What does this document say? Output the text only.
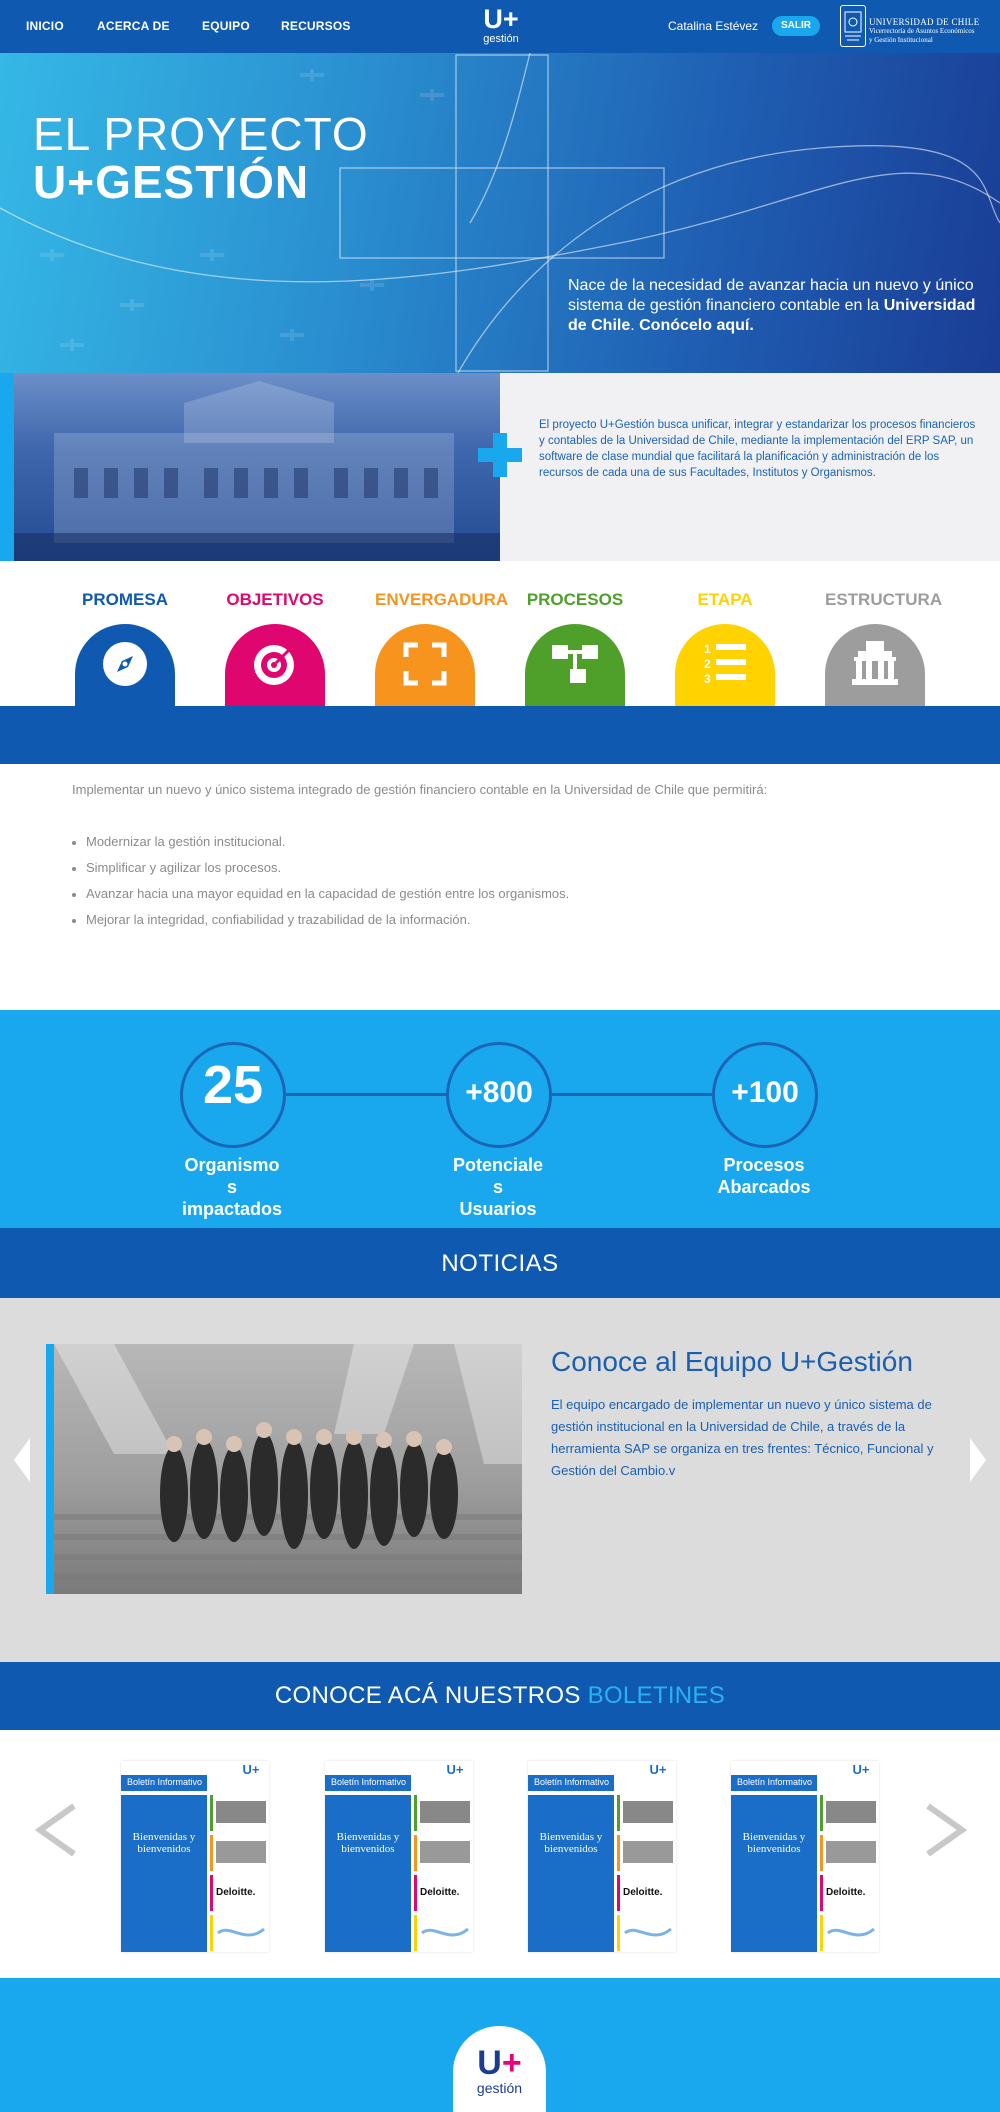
INICIO	ACERCA DE	EQUIPO	RECURSOS	U+
gestión
Catalina Estévez	SALIR	UNIVERSIDAD DE CHILE
Vicerrectoría de Asuntos Económicos
y Gestión Institucional
EL PROYECTO
U+GESTIÓN
Nace de la necesidad de avanzar hacia un nuevo y único sistema de gestión financiero contable en la Universidad de Chile. Conócelo aquí.
El proyecto U+Gestión busca unificar, integrar y estandarizar los procesos financieros y contables de la Universidad de Chile, mediante la implementación del ERP SAP, un software de clase mundial que facilitará la planificación y administración de los recursos de cada una de sus Facultades, Institutos y Organismos.
PROMESA	OBJETIVOS	ENVERGADURA PROCESOS	ETAPA
1
2
3
ESTRUCTURA
Implementar un nuevo y único sistema integrado de gestión financiero contable en la Universidad de Chile que permitirá:
Modernizar la gestión institucional.
Simplificar y agilizar los procesos.
Avanzar hacia una mayor equidad en la capacidad de gestión entre los organismos.
Mejorar la integridad, confiabilidad y trazabilidad de la información.
25	+800	+100
Organismo
s
impactados
Potenciale
s
Usuarios
Procesos
Abarcados
NOTICIAS
Conoce al Equipo U+Gestión
El equipo encargado de implementar un nuevo y único sistema de gestión institucional en la Universidad de Chile, a través de la herramienta SAP se organiza en tres frentes: Técnico, Funcional y Gestión del Cambio.v
CONOCE ACÁ NUESTROS BOLETINES
Boletín Informativo
U+
Bienvenidas y bienvenidos
Deloitte.
Boletín Informativo
U+
Bienvenidas y bienvenidos
Deloitte.
Boletín Informativo
U+
Bienvenidas y bienvenidos
Deloitte.
Boletín Informativo
U+
Bienvenidas y bienvenidos
Deloitte.
U+
gestión
